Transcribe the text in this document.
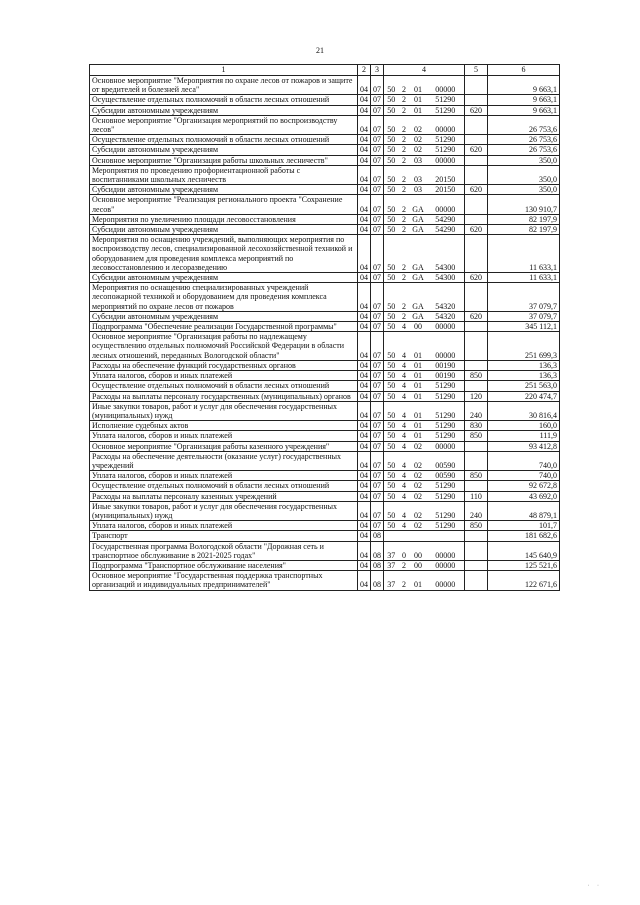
21
1	2	3	4				5	6
Основное мероприятие "Мероприятия по охране лесов от пожаров и защите от вредителей и болезней леса"	04	07	50	2	01	00000		9 663,1
Осуществление отдельных полномочий в области лесных отношений	04	07	50	2	01	51290		9 663,1
Субсидии автономным учреждениям	04	07	50	2	01	51290	620	9 663,1
Основное мероприятие "Организация мероприятий по воспроизводству лесов"	04	07	50	2	02	00000		26 753,6
Осуществление отдельных полномочий в области лесных отношений	04	07	50	2	02	51290		26 753,6
Субсидии автономным учреждениям	04	07	50	2	02	51290	620	26 753,6
Основное мероприятие "Организация работы школьных лесничеств"	04	07	50	2	03	00000		350,0
Мероприятия по проведению профориентационной работы с воспитанниками школьных лесничеств	04	07	50	2	03	20150		350,0
Субсидии автономным учреждениям	04	07	50	2	03	20150	620	350,0
Основное мероприятие "Реализация регионального проекта "Сохранение лесов"	04	07	50	2	GA	00000		130 910,7
Мероприятия по увеличению площади лесовосстановления	04	07	50	2	GA	54290		82 197,9
Субсидии автономным учреждениям	04	07	50	2	GA	54290	620	82 197,9
Мероприятия по оснащению учреждений, выполняющих мероприятия по воспроизводству лесов, специализированной лесохозяйственной техникой и оборудованием для проведения комплекса мероприятий по лесовосстановлению и лесоразведению	04	07	50	2	GA	54300		11 633,1
Субсидии автономным учреждениям	04	07	50	2	GA	54300	620	11 633,1
Мероприятия по оснащению специализированных учреждений лесопожарной техникой и оборудованием для проведения комплекса мероприятий по охране лесов от пожаров	04	07	50	2	GA	54320		37 079,7
Субсидии автономным учреждениям	04	07	50	2	GA	54320	620	37 079,7
Подпрограмма "Обеспечение реализации Государственной программы"	04	07	50	4	00	00000		345 112,1
Основное мероприятие "Организация работы по надлежащему осуществлению отдельных полномочий Российской Федерации в области лесных отношений, переданных Вологодской области"	04	07	50	4	01	00000		251 699,3
Расходы на обеспечение функций государственных органов	04	07	50	4	01	00190		136,3
Уплата налогов, сборов и иных платежей	04	07	50	4	01	00190	850	136,3
Осуществление отдельных полномочий в области лесных отношений	04	07	50	4	01	51290		251 563,0
Расходы на выплаты персоналу государственных (муниципальных) органов	04	07	50	4	01	51290	120	220 474,7
Иные закупки товаров, работ и услуг для обеспечения государственных (муниципальных) нужд	04	07	50	4	01	51290	240	30 816,4
Исполнение судебных актов	04	07	50	4	01	51290	830	160,0
Уплата налогов, сборов и иных платежей	04	07	50	4	01	51290	850	111,9
Основное мероприятие "Организация работы казенного учреждения"	04	07	50	4	02	00000		93 412,8
Расходы на обеспечение деятельности (оказание услуг) государственных учреждений	04	07	50	4	02	00590		740,0
Уплата налогов, сборов и иных платежей	04	07	50	4	02	00590	850	740,0
Осуществление отдельных полномочий в области лесных отношений	04	07	50	4	02	51290		92 672,8
Расходы на выплаты персоналу казенных учреждений	04	07	50	4	02	51290	110	43 692,0
Иные закупки товаров, работ и услуг для обеспечения государственных (муниципальных) нужд	04	07	50	4	02	51290	240	48 879,1
Уплата налогов, сборов и иных платежей	04	07	50	4	02	51290	850	101,7
Транспорт	04	08						181 682,6
Государственная программа Вологодской области "Дорожная сеть и транспортное обслуживание в 2021-2025 годах"	04	08	37	0	00	00000		145 640,9
Подпрограмма "Транспортное обслуживание населения"	04	08	37	2	00	00000		125 521,6
Основное мероприятие "Государственная поддержка транспортных организаций и индивидуальных предпринимателей"	04	08	37	2	01	00000		122 671,6
· ·
